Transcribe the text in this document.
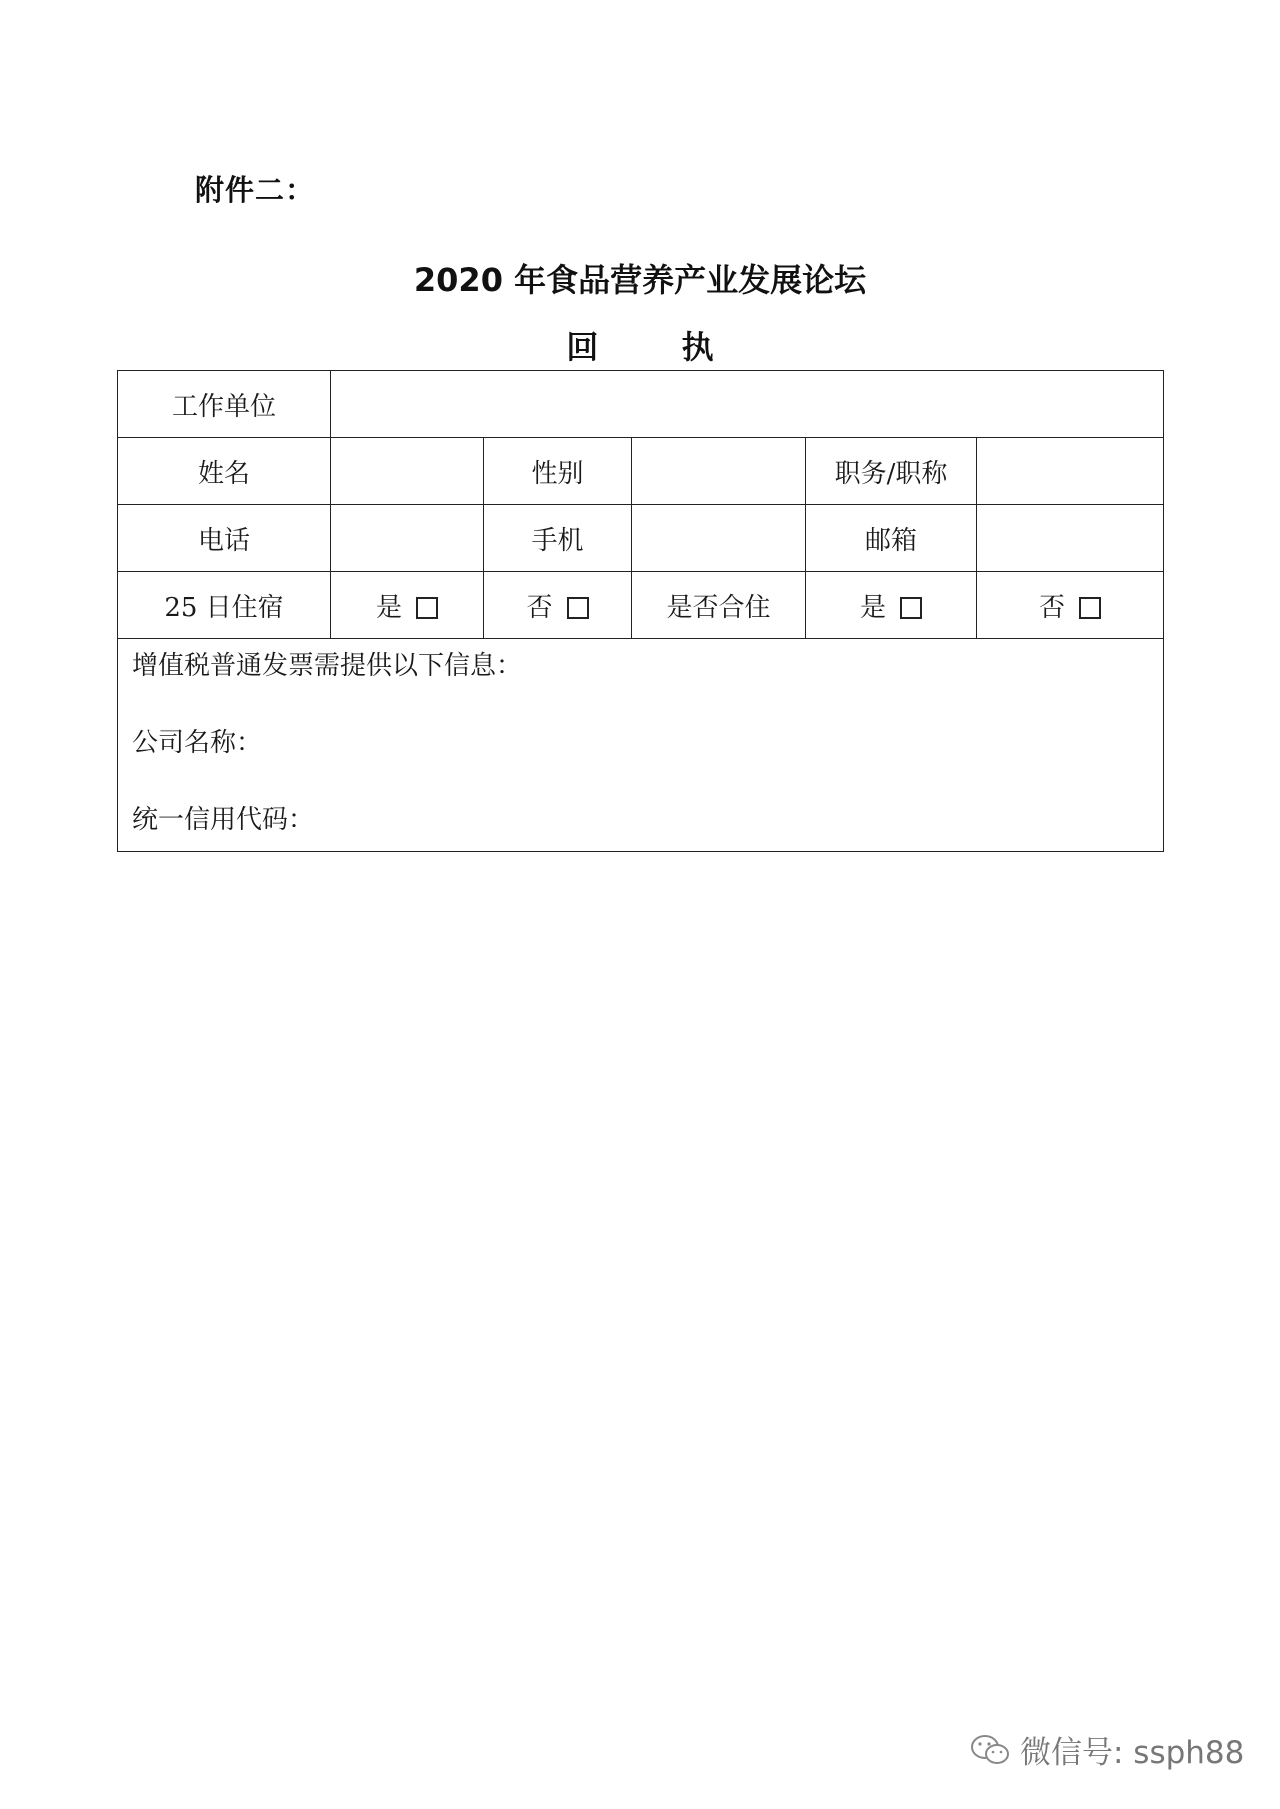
附件二：
2020 年食品营养产业发展论坛
回 执
工作单位					
姓名		性别		职务/职称	
电话		手机		邮箱	
25 日住宿	是	否	是否合住	是	否

增值税普通发票需提供以下信息：
公司名称：
统一信用代码：					
微信号: ssph88
